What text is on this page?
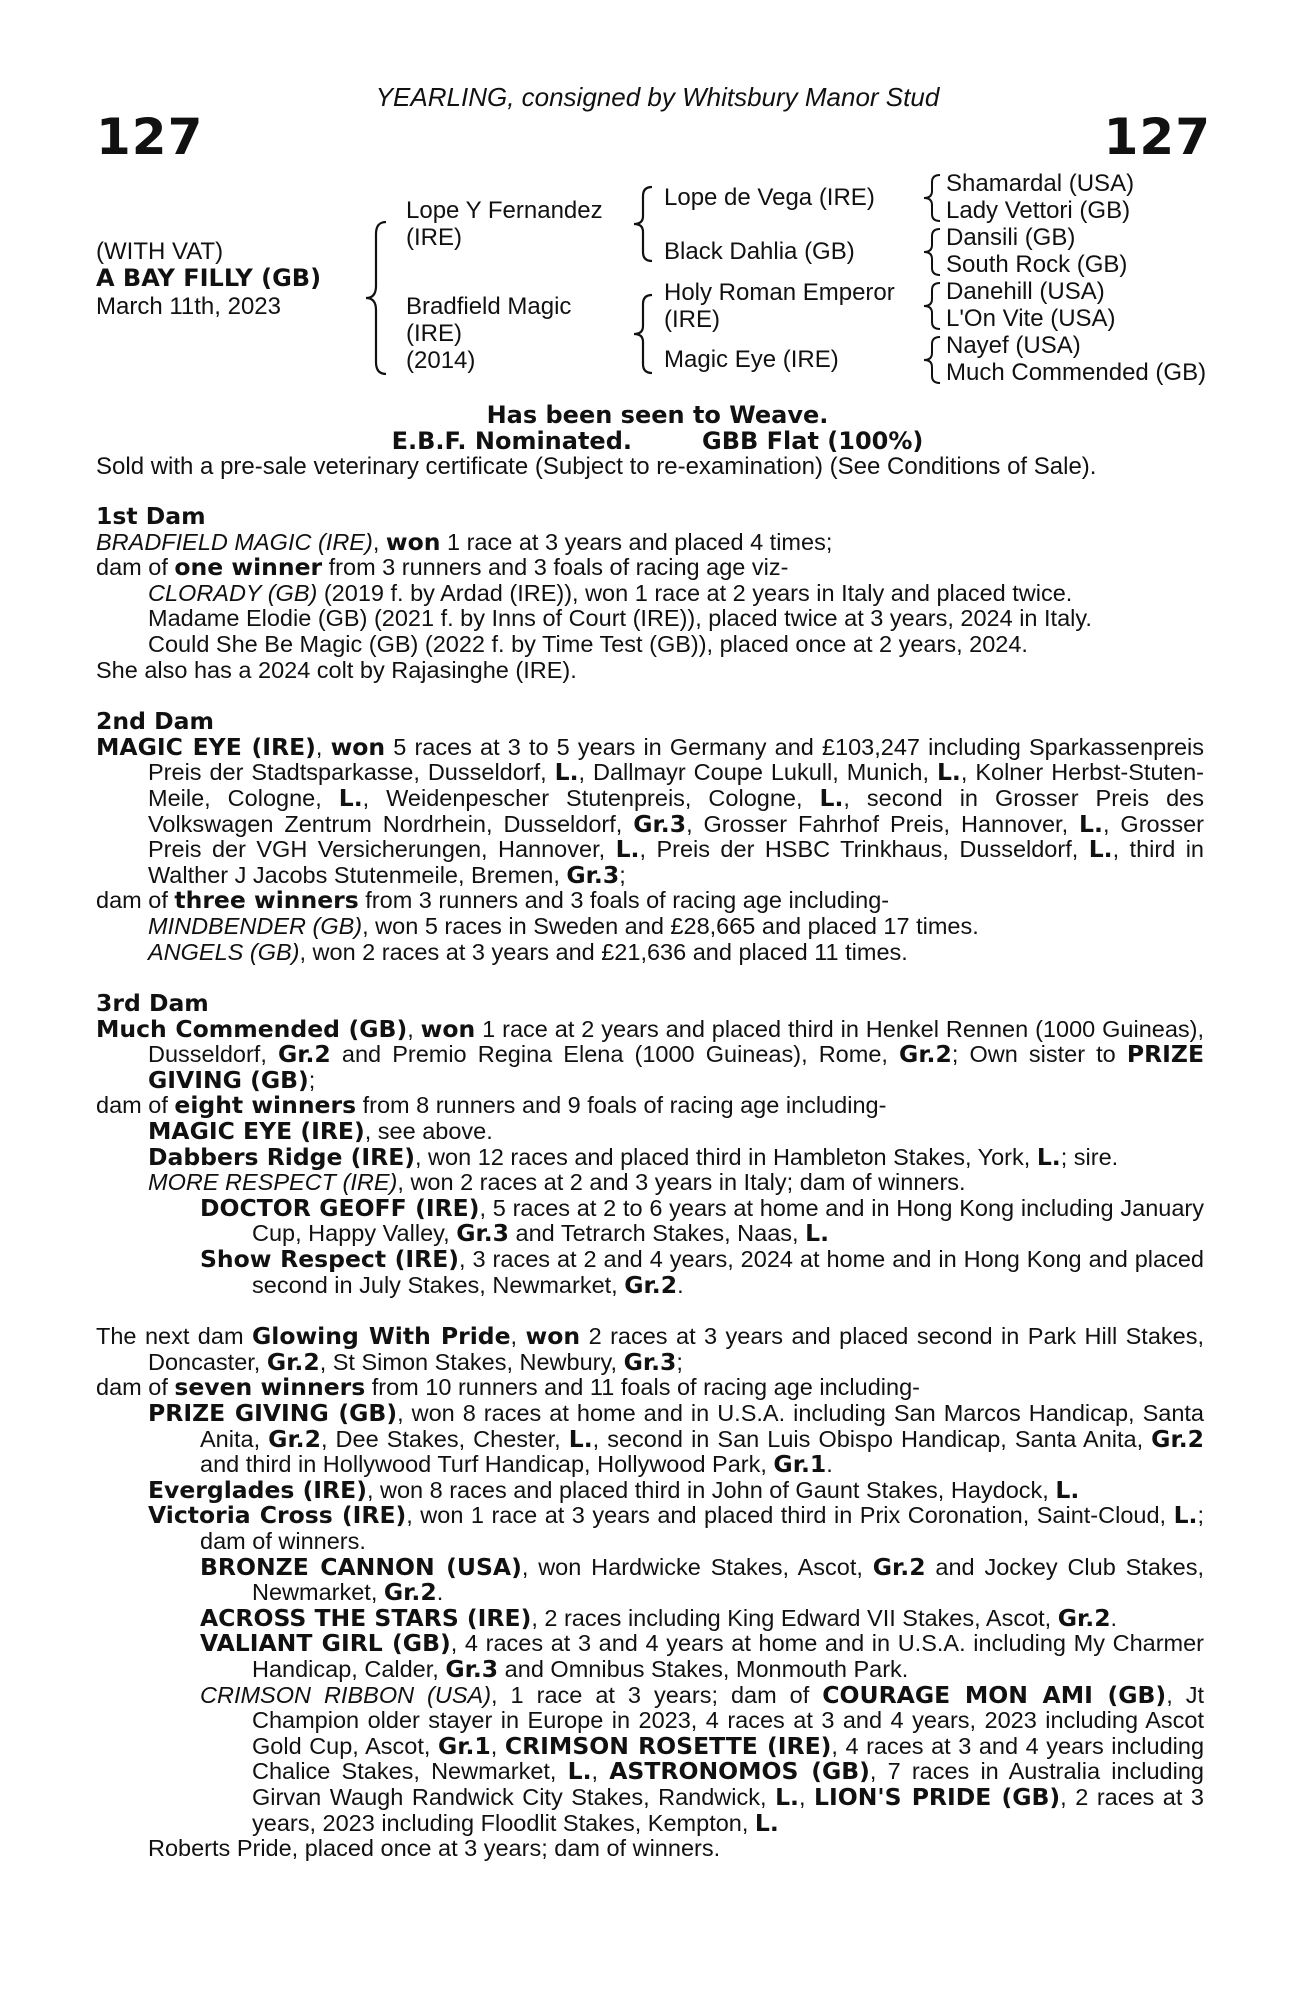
YEARLING, consigned by Whitsbury Manor Stud
127	127
(WITH VAT)
A BAY FILLY (GB)
March 11th, 2023
Lope Y Fernandez
(IRE)
Bradfield Magic
(IRE)
(2014)
Lope de Vega (IRE)
Black Dahlia (GB)
Holy Roman Emperor
(IRE)
Magic Eye (IRE)
Shamardal (USA)
Lady Vettori (GB)
Dansili (GB)
South Rock (GB)
Danehill (USA)
L'On Vite (USA)
Nayef (USA)
Much Commended (GB)
Has been seen to Weave.
E.B.F. Nominated.	GBB Flat (100%)
Sold with a pre-sale veterinary certificate (Subject to re-examination) (See Conditions of Sale).

1st Dam

BRADFIELD MAGIC (IRE), won 1 race at 3 years and placed 4 times;

dam of one winner from 3 runners and 3 foals of racing age viz-

CLORADY (GB) (2019 f. by Ardad (IRE)), won 1 race at 2 years in Italy and placed twice.

Madame Elodie (GB) (2021 f. by Inns of Court (IRE)), placed twice at 3 years, 2024 in Italy.

Could She Be Magic (GB) (2022 f. by Time Test (GB)), placed once at 2 years, 2024.

She also has a 2024 colt by Rajasinghe (IRE).

2nd Dam

MAGIC EYE (IRE), won 5 races at 3 to 5 years in Germany and £103,247 including Sparkassenpreis Preis der Stadtsparkasse, Dusseldorf, L., Dallmayr Coupe Lukull, Munich, L., Kolner Herbst-Stuten-Meile, Cologne, L., Weidenpescher Stutenpreis, Cologne, L., second in Grosser Preis des Volkswagen Zentrum Nordrhein, Dusseldorf, Gr.3, Grosser Fahrhof Preis, Hannover, L., Grosser Preis der VGH Versicherungen, Hannover, L., Preis der HSBC Trinkhaus, Dusseldorf, L., third in Walther J Jacobs Stutenmeile, Bremen, Gr.3;

dam of three winners from 3 runners and 3 foals of racing age including-

MINDBENDER (GB), won 5 races in Sweden and £28,665 and placed 17 times.

ANGELS (GB), won 2 races at 3 years and £21,636 and placed 11 times.

3rd Dam

Much Commended (GB), won 1 race at 2 years and placed third in Henkel Rennen (1000 Guineas), Dusseldorf, Gr.2 and Premio Regina Elena (1000 Guineas), Rome, Gr.2; Own sister to PRIZE GIVING (GB);

dam of eight winners from 8 runners and 9 foals of racing age including-

MAGIC EYE (IRE), see above.

Dabbers Ridge (IRE), won 12 races and placed third in Hambleton Stakes, York, L.; sire.

MORE RESPECT (IRE), won 2 races at 2 and 3 years in Italy; dam of winners.

DOCTOR GEOFF (IRE), 5 races at 2 to 6 years at home and in Hong Kong including January Cup, Happy Valley, Gr.3 and Tetrarch Stakes, Naas, L.

Show Respect (IRE), 3 races at 2 and 4 years, 2024 at home and in Hong Kong and placed second in July Stakes, Newmarket, Gr.2.

The next dam Glowing With Pride, won 2 races at 3 years and placed second in Park Hill Stakes, Doncaster, Gr.2, St Simon Stakes, Newbury, Gr.3;

dam of seven winners from 10 runners and 11 foals of racing age including-

PRIZE GIVING (GB), won 8 races at home and in U.S.A. including San Marcos Handicap, Santa Anita, Gr.2, Dee Stakes, Chester, L., second in San Luis Obispo Handicap, Santa Anita, Gr.2 and third in Hollywood Turf Handicap, Hollywood Park, Gr.1.

Everglades (IRE), won 8 races and placed third in John of Gaunt Stakes, Haydock, L.

Victoria Cross (IRE), won 1 race at 3 years and placed third in Prix Coronation, Saint-Cloud, L.; dam of winners.

BRONZE CANNON (USA), won Hardwicke Stakes, Ascot, Gr.2 and Jockey Club Stakes, Newmarket, Gr.2.

ACROSS THE STARS (IRE), 2 races including King Edward VII Stakes, Ascot, Gr.2.

VALIANT GIRL (GB), 4 races at 3 and 4 years at home and in U.S.A. including My Charmer Handicap, Calder, Gr.3 and Omnibus Stakes, Monmouth Park.

CRIMSON RIBBON (USA), 1 race at 3 years; dam of COURAGE MON AMI (GB), Jt Champion older stayer in Europe in 2023, 4 races at 3 and 4 years, 2023 including Ascot Gold Cup, Ascot, Gr.1, CRIMSON ROSETTE (IRE), 4 races at 3 and 4 years including Chalice Stakes, Newmarket, L., ASTRONOMOS (GB), 7 races in Australia including Girvan Waugh Randwick City Stakes, Randwick, L., LION'S PRIDE (GB), 2 races at 3 years, 2023 including Floodlit Stakes, Kempton, L.

Roberts Pride, placed once at 3 years; dam of winners.
